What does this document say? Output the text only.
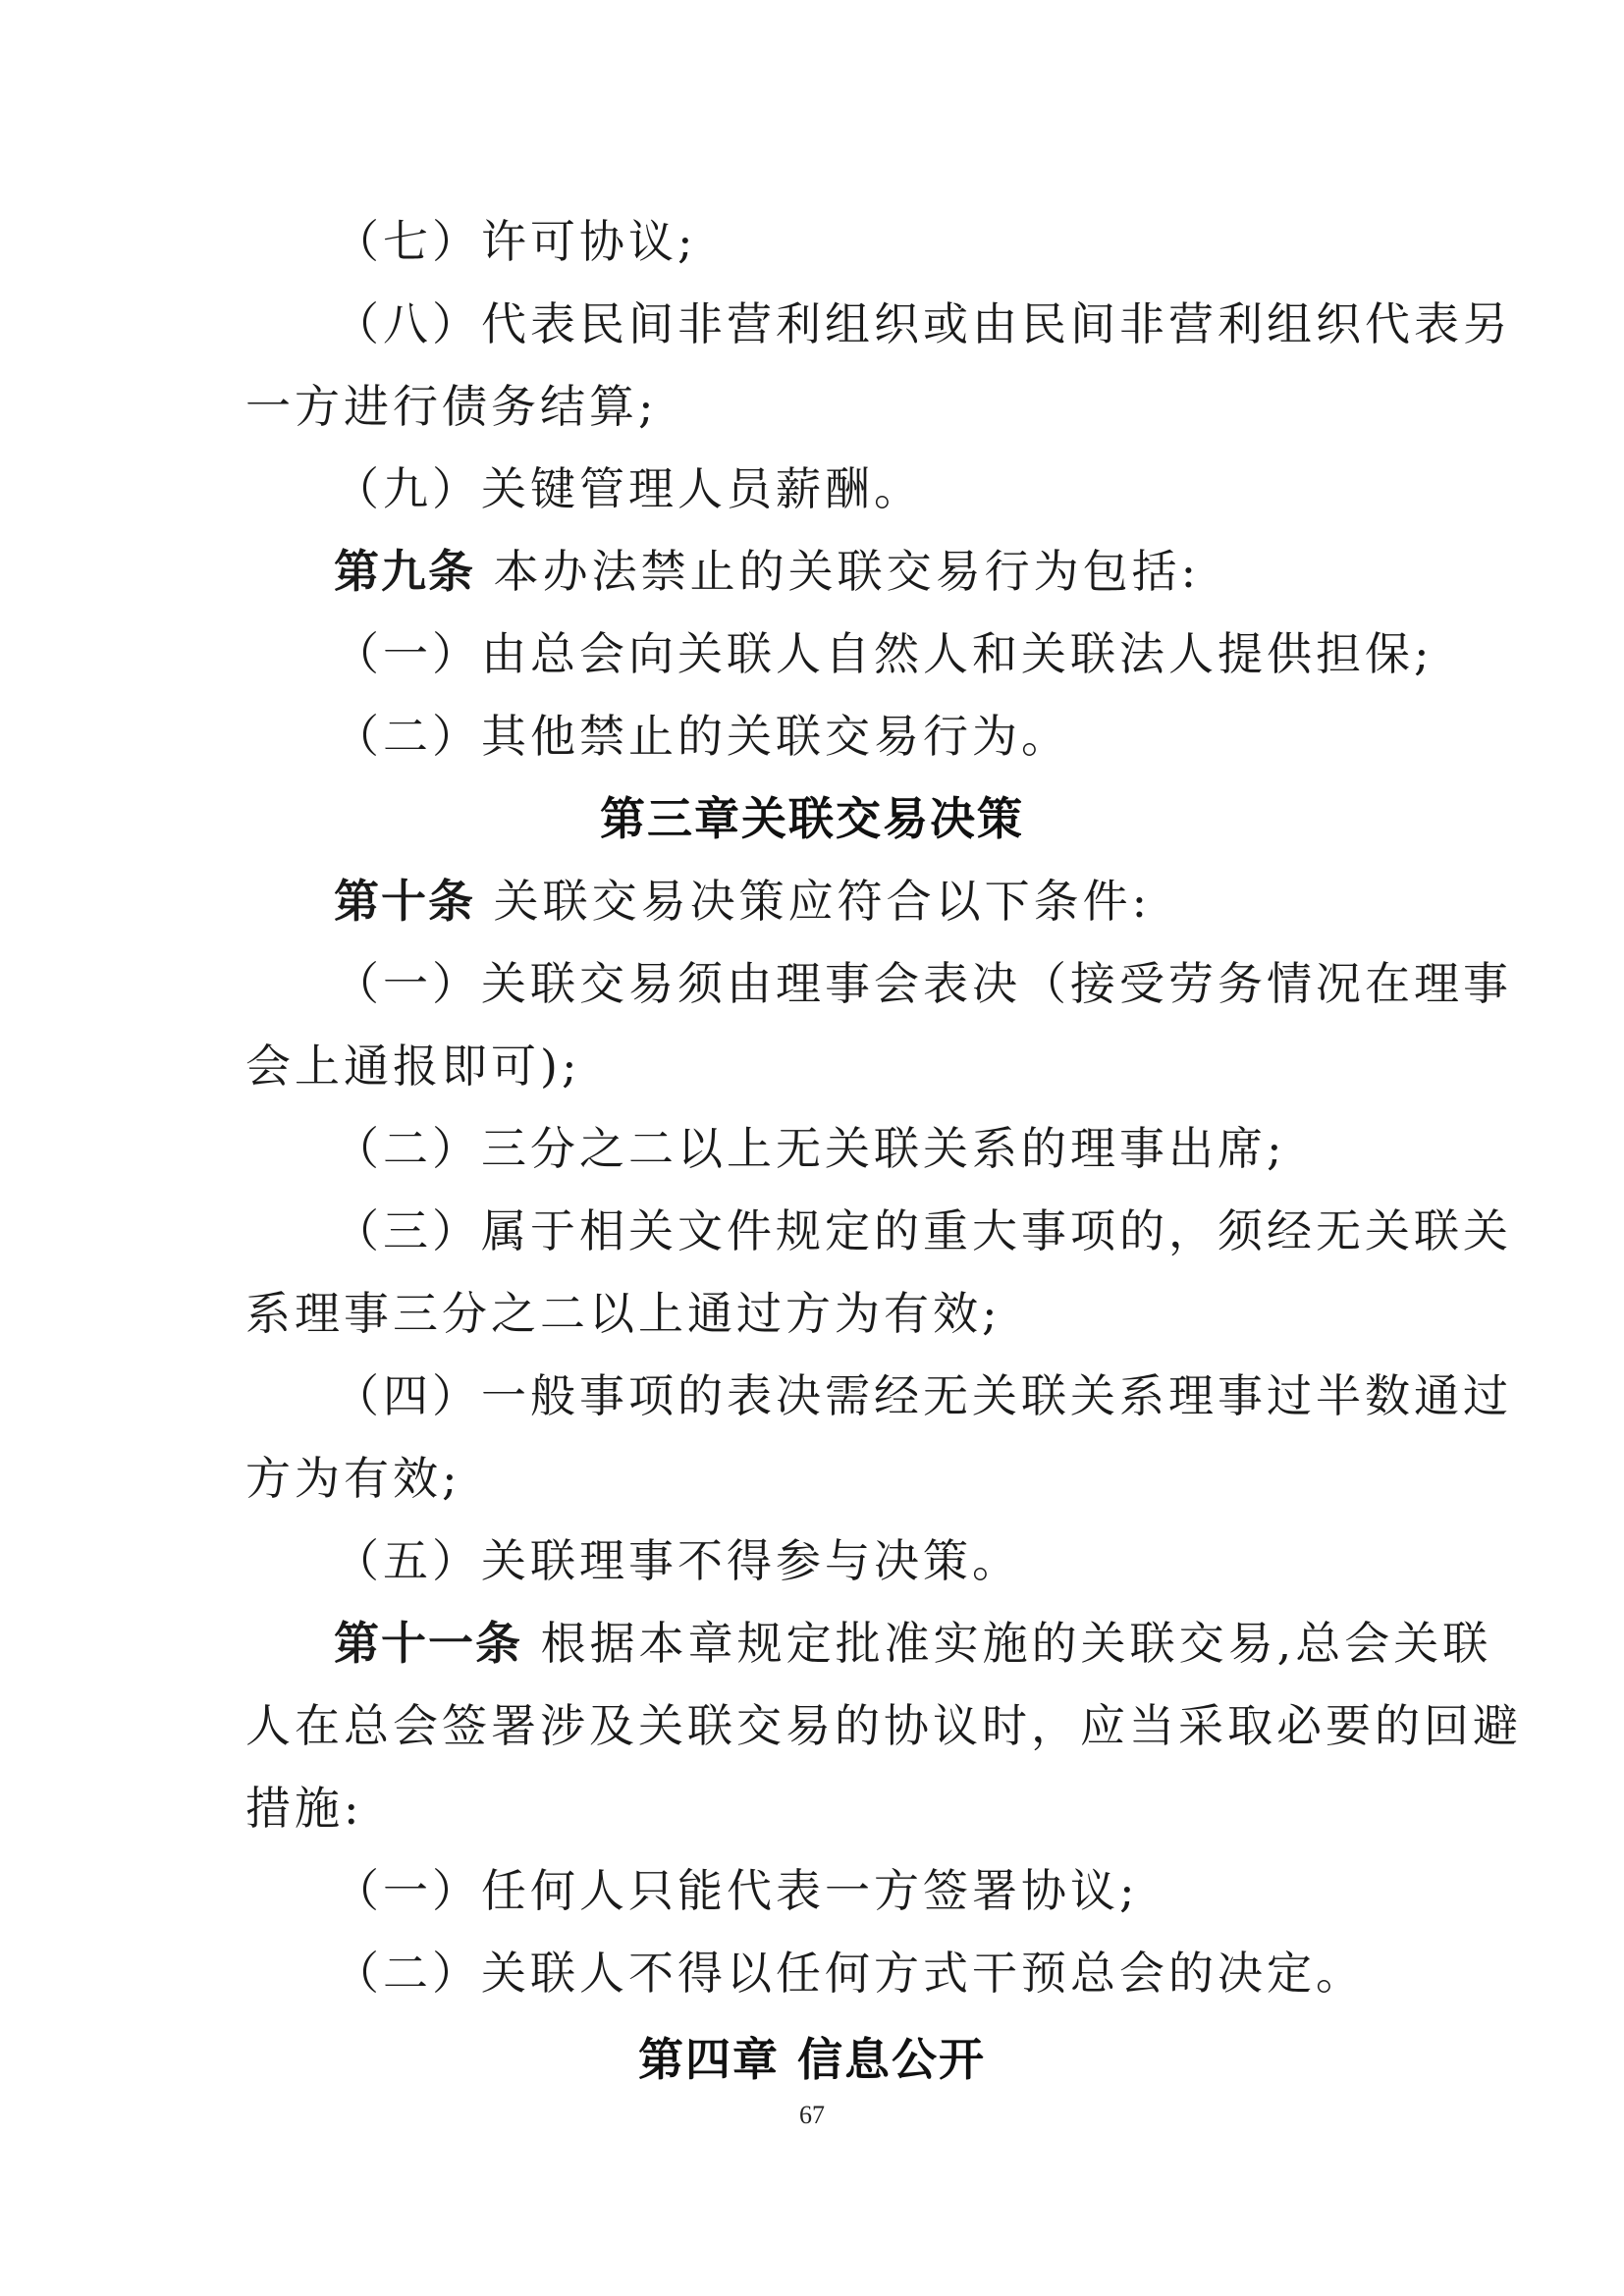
（七）许可协议;

（八）代表民间非营利组织或由民间非营利组织代表另

一方进行债务结算;

（九）关键管理人员薪酬。

第九条 本办法禁止的关联交易行为包括:

（一）由总会向关联人自然人和关联法人提供担保;

（二）其他禁止的关联交易行为。

第三章关联交易决策

第十条 关联交易决策应符合以下条件:

（一）关联交易须由理事会表决（接受劳务情况在理事

会上通报即可);

（二）三分之二以上无关联关系的理事出席;

（三）属于相关文件规定的重大事项的，须经无关联关

系理事三分之二以上通过方为有效;

（四）一般事项的表决需经无关联关系理事过半数通过

方为有效;

（五）关联理事不得参与决策。

第十一条 根据本章规定批准实施的关联交易,总会关联

人在总会签署涉及关联交易的协议时，应当采取必要的回避

措施:

（一）任何人只能代表一方签署协议;

（二）关联人不得以任何方式干预总会的决定。

第四章 信息公开
67
